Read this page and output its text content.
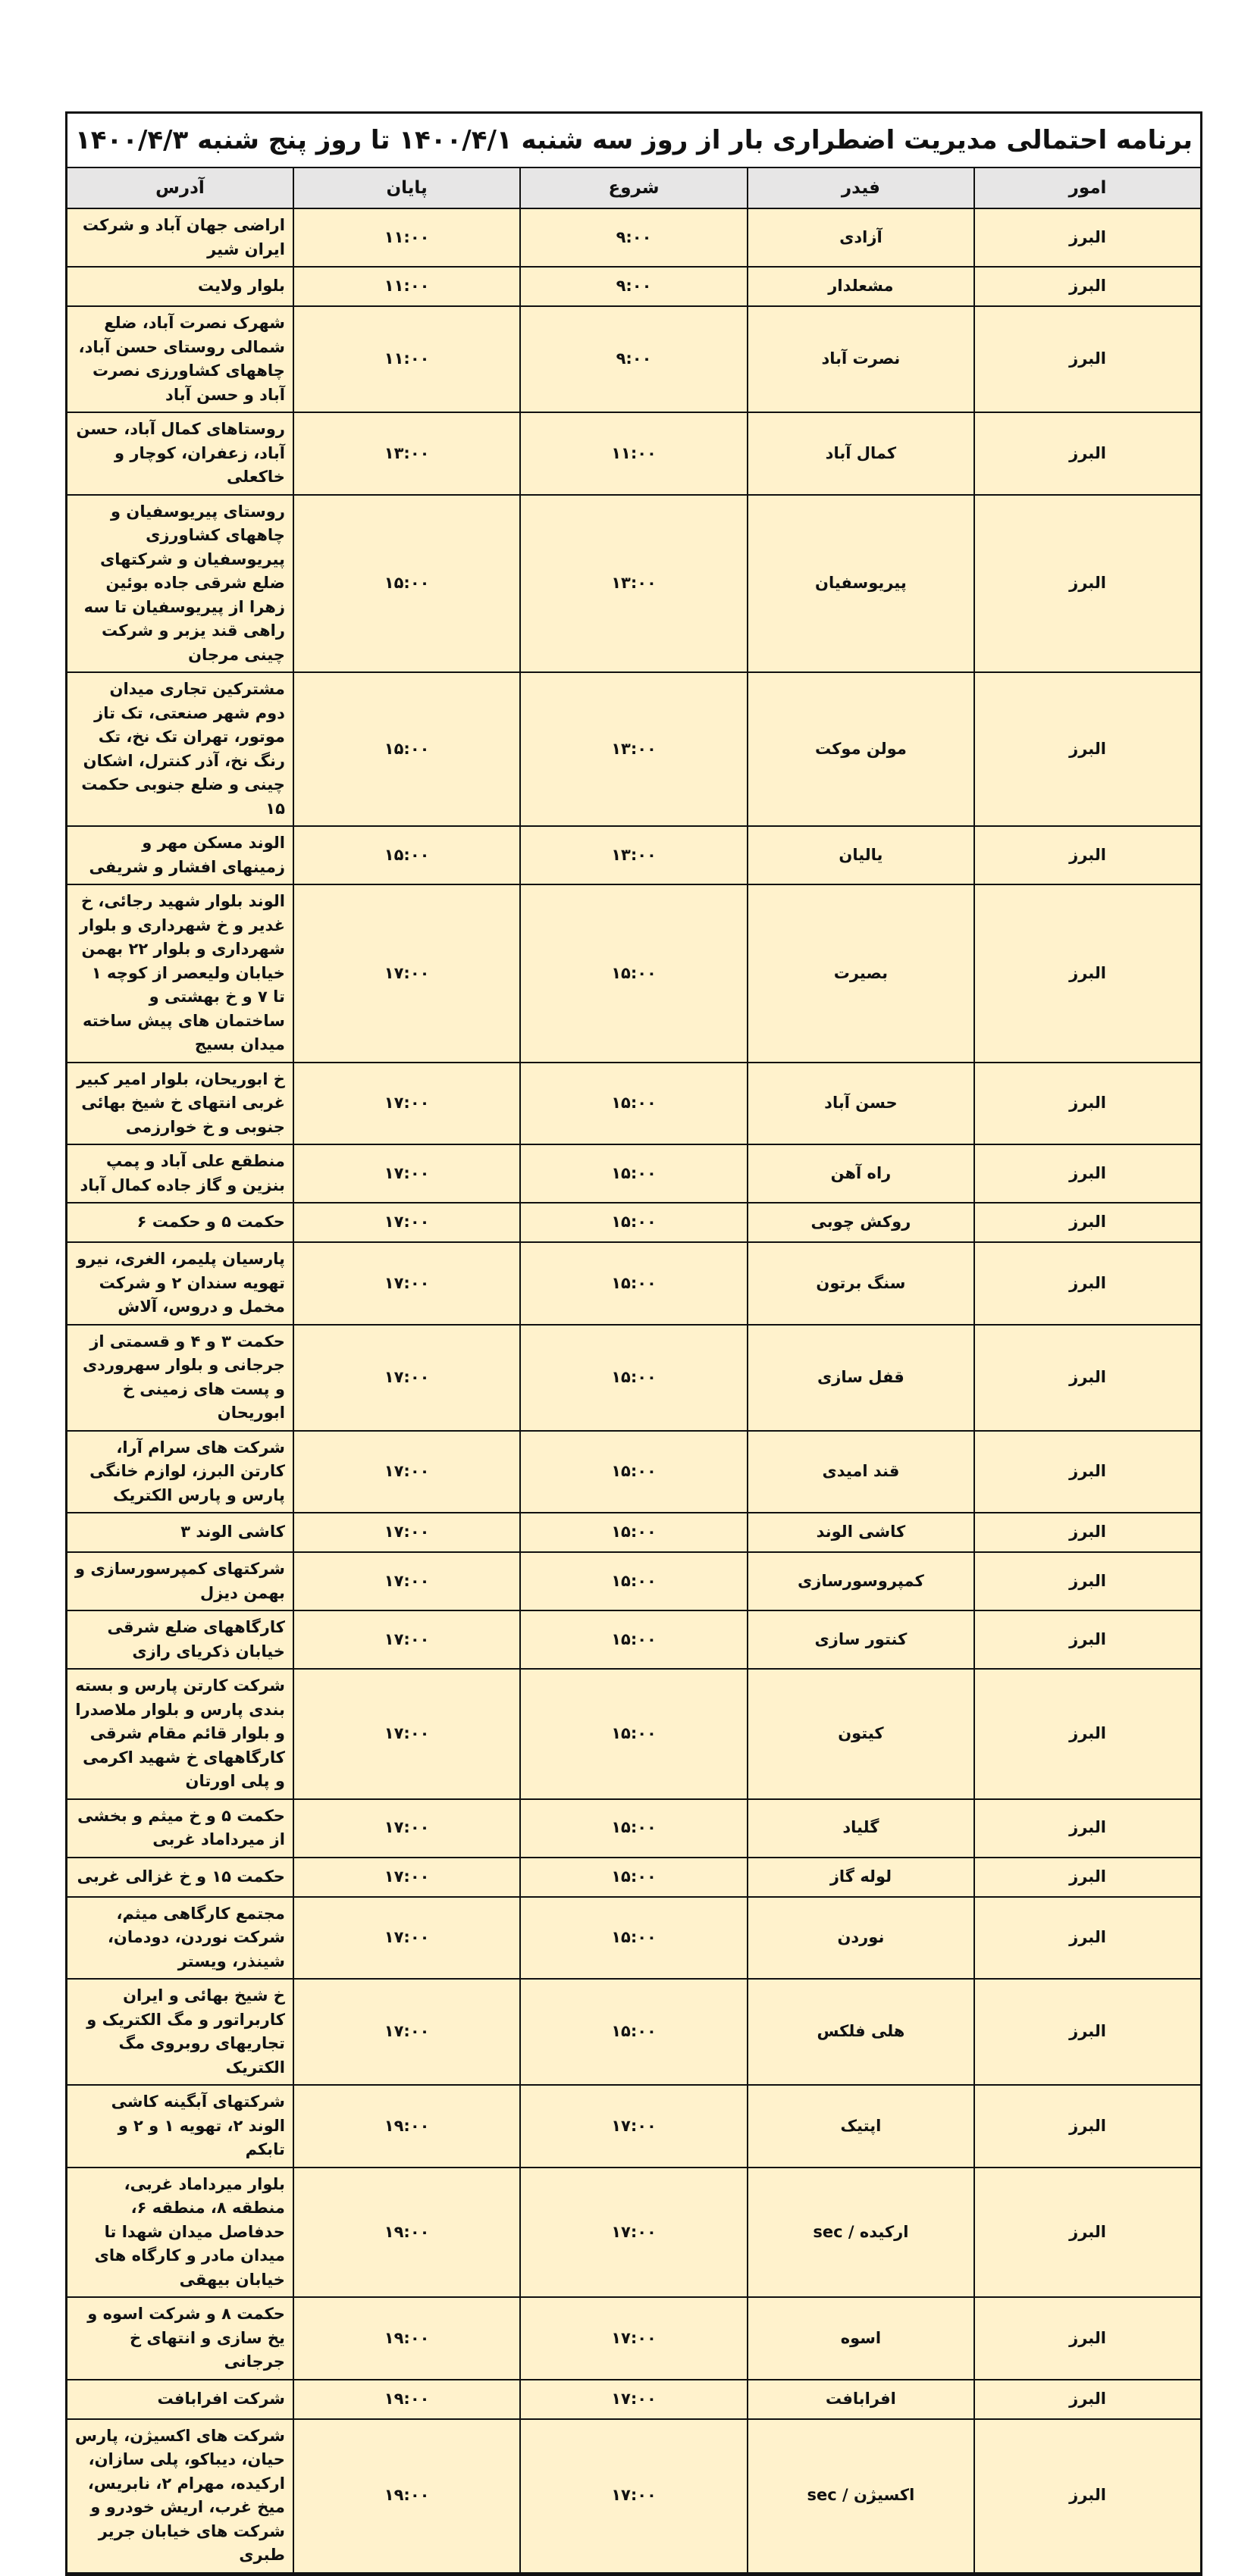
برنامه احتمالی مدیریت اضطراری بار از روز سه شنبه ۱۴۰۰/۴/۱ تا روز پنج شنبه ۱۴۰۰/۴/۳				
امور	فیدر	شروع	پایان	آدرس
البرز	آزادی	۹:۰۰	۱۱:۰۰	اراضی جهان آباد و شرکت ایران شیر
البرز	مشعلدار	۹:۰۰	۱۱:۰۰	بلوار ولایت
البرز	نصرت آباد	۹:۰۰	۱۱:۰۰	شهرک نصرت آباد، ضلع شمالی روستای حسن آباد، چاههای کشاورزی نصرت آباد و حسن آباد
البرز	کمال آباد	۱۱:۰۰	۱۳:۰۰	روستاهای کمال آباد، حسن آباد، زعفران، کوچار و خاکعلی
البرز	پیریوسفیان	۱۳:۰۰	۱۵:۰۰	روستای پیریوسفیان و چاههای کشاورزی پیریوسفیان و شرکتهای ضلع شرقی جاده بوئین زهرا از پیریوسفیان تا سه راهی قند یزبر و شرکت چینی مرجان
البرز	مولن موکت	۱۳:۰۰	۱۵:۰۰	مشترکین تجاری میدان دوم شهر صنعتی، تک تاز موتور، تهران تک نخ، تک رنگ نخ، آذر کنترل، اشکان چینی و ضلع جنوبی حکمت ۱۵
البرز	یالیان	۱۳:۰۰	۱۵:۰۰	الوند مسکن مهر و زمینهای افشار و شریفی
البرز	بصیرت	۱۵:۰۰	۱۷:۰۰	الوند بلوار شهید رجائی، خ غدیر و خ شهرداری و بلوار شهرداری و بلوار ۲۲ بهمن خیابان ولیعصر از کوچه ۱ تا ۷ و خ بهشتی و ساختمان های پیش ساخته میدان بسیج
البرز	حسن آباد	۱۵:۰۰	۱۷:۰۰	خ ابوریحان، بلوار امیر کبیر غربی انتهای خ شیخ بهائی جنوبی و خ خوارزمی
البرز	راه آهن	۱۵:۰۰	۱۷:۰۰	منطقع علی آباد و پمپ بنزین و گاز جاده کمال آباد
البرز	روکش چوبی	۱۵:۰۰	۱۷:۰۰	حکمت ۵ و حکمت ۶
البرز	سنگ برتون	۱۵:۰۰	۱۷:۰۰	پارسیان پلیمر، الغری، نیرو تهویه سندان ۲ و شرکت مخمل و دروس، آلاش
البرز	قفل سازی	۱۵:۰۰	۱۷:۰۰	حکمت ۳ و ۴ و قسمتی از جرجانی و بلوار سهروردی و پست های زمینی خ ابوریحان
البرز	قند امیدی	۱۵:۰۰	۱۷:۰۰	شرکت های سرام آرا، کارتن البرز، لوازم خانگی پارس و پارس الکتریک
البرز	کاشی الوند	۱۵:۰۰	۱۷:۰۰	کاشی الوند ۳
البرز	کمپروسورسازی	۱۵:۰۰	۱۷:۰۰	شرکتهای کمپرسورسازی و بهمن دیزل
البرز	کنتور سازی	۱۵:۰۰	۱۷:۰۰	کارگاههای ضلع شرقی خیابان ذکریای رازی
البرز	کیتون	۱۵:۰۰	۱۷:۰۰	شرکت کارتن پارس و بسته بندی پارس و بلوار ملاصدرا و بلوار قائم مقام شرقی کارگاههای خ شهید اکرمی و پلی اورتان
البرز	گلیاد	۱۵:۰۰	۱۷:۰۰	حکمت ۵ و خ میثم و بخشی از میرداماد غربی
البرز	لوله گاز	۱۵:۰۰	۱۷:۰۰	حکمت ۱۵ و خ غزالی غربی
البرز	نوردن	۱۵:۰۰	۱۷:۰۰	مجتمع کارگاهی میثم، شرکت نوردن، دودمان، شینذر، ویستر
البرز	هلی فلکس	۱۵:۰۰	۱۷:۰۰	خ شیخ بهائی و ایران کاربراتور و مگ الکتریک و تجاریهای روبروی مگ الکتریک
البرز	اپتیک	۱۷:۰۰	۱۹:۰۰	شرکتهای آبگینه کاشی الوند ۲، تهویه ۱ و ۲ و تابکم
البرز	ارکیده / sec	۱۷:۰۰	۱۹:۰۰	بلوار میرداماد غربی، منطقه ۸، منطقه ۶، حدفاصل میدان شهدا تا میدان مادر و کارگاه های خیابان بیهقی
البرز	اسوه	۱۷:۰۰	۱۹:۰۰	حکمت ۸ و شرکت اسوه و یخ سازی و انتهای خ جرجانی
البرز	افرابافت	۱۷:۰۰	۱۹:۰۰	شرکت افرابافت
البرز	اکسیژن / sec	۱۷:۰۰	۱۹:۰۰	شرکت های اکسیژن، پارس حیان، دیباکو، پلی سازان، ارکیده، مهرام ۲، نابریس، میخ غرب، اریش خودرو و شرکت های خیابان جریر طبری
